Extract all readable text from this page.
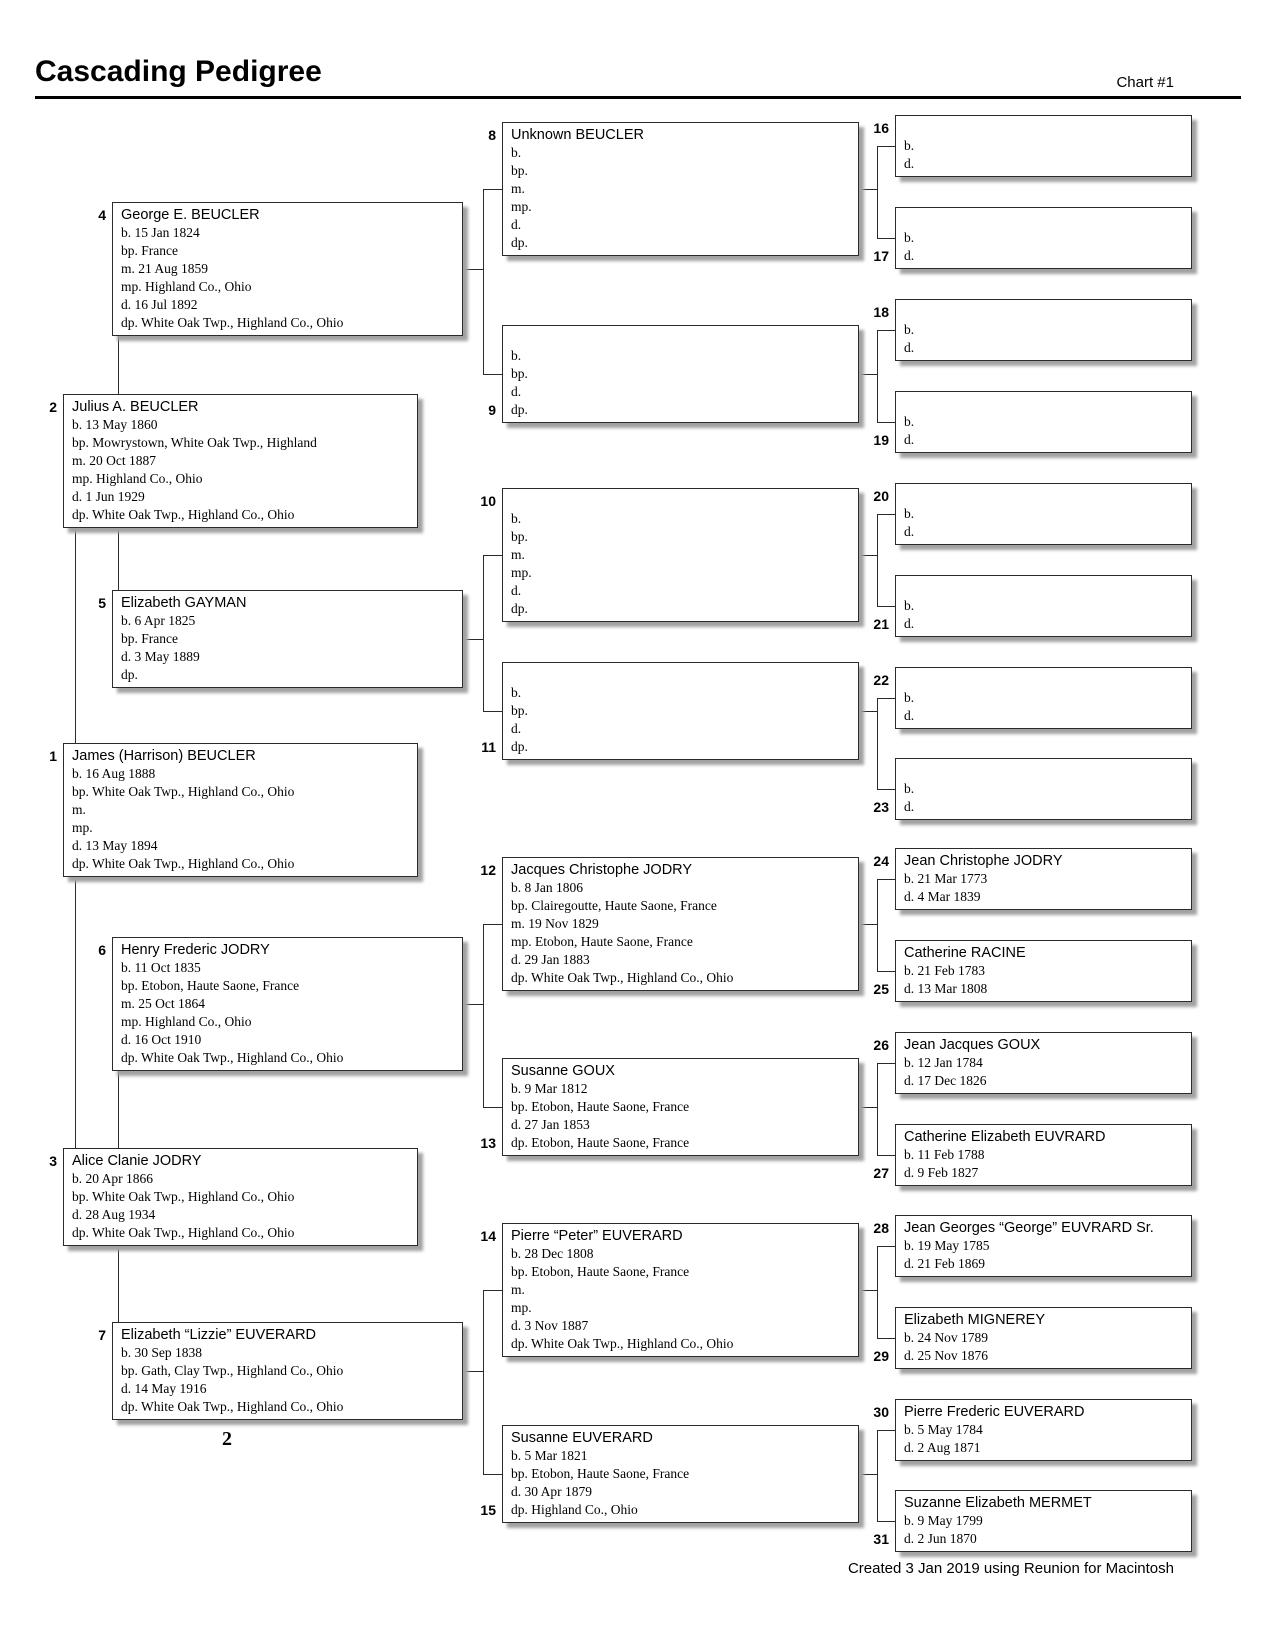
Cascading Pedigree	Chart #1
James (Harrison) BEUCLER
b. 16 Aug 1888
bp. White Oak Twp., Highland Co., Ohio
m.
mp.
d. 13 May 1894
dp. White Oak Twp., Highland Co., Ohio
1
Julius A. BEUCLER
b. 13 May 1860
bp. Mowrystown, White Oak Twp., Highland
m. 20 Oct 1887
mp. Highland Co., Ohio
d. 1 Jun 1929
dp. White Oak Twp., Highland Co., Ohio
2
Alice Clanie JODRY
b. 20 Apr 1866
bp. White Oak Twp., Highland Co., Ohio
d. 28 Aug 1934
dp. White Oak Twp., Highland Co., Ohio
3
George E. BEUCLER
b. 15 Jan 1824
bp. France
m. 21 Aug 1859
mp. Highland Co., Ohio
d. 16 Jul 1892
dp. White Oak Twp., Highland Co., Ohio
4
Elizabeth GAYMAN
b. 6 Apr 1825
bp. France
d. 3 May 1889
dp.
5
Henry Frederic JODRY
b. 11 Oct 1835
bp. Etobon, Haute Saone, France
m. 25 Oct 1864
mp. Highland Co., Ohio
d. 16 Oct 1910
dp. White Oak Twp., Highland Co., Ohio
6
Elizabeth “Lizzie” EUVERARD
b. 30 Sep 1838
bp. Gath, Clay Twp., Highland Co., Ohio
d. 14 May 1916
dp. White Oak Twp., Highland Co., Ohio
7
Unknown BEUCLER
b.
bp.
m.
mp.
d.
dp.
8
b.
bp.
d.
dp.
9
b.
bp.
m.
mp.
d.
dp.
10
b.
bp.
d.
dp.
11
Jacques Christophe JODRY
b. 8 Jan 1806
bp. Clairegoutte, Haute Saone, France
m. 19 Nov 1829
mp. Etobon, Haute Saone, France
d. 29 Jan 1883
dp. White Oak Twp., Highland Co., Ohio
12
Susanne GOUX
b. 9 Mar 1812
bp. Etobon, Haute Saone, France
d. 27 Jan 1853
dp. Etobon, Haute Saone, France
13
Pierre “Peter” EUVERARD
b. 28 Dec 1808
bp. Etobon, Haute Saone, France
m.
mp.
d. 3 Nov 1887
dp. White Oak Twp., Highland Co., Ohio
14
Susanne EUVERARD
b. 5 Mar 1821
bp. Etobon, Haute Saone, France
d. 30 Apr 1879
dp. Highland Co., Ohio
15
b.
d.
16
b.
d.
17
b.
d.
18
b.
d.
19
b.
d.
20
b.
d.
21
b.
d.
22
b.
d.
23
Jean Christophe JODRY
b. 21 Mar 1773
d. 4 Mar 1839
24
Catherine RACINE
b. 21 Feb 1783
d. 13 Mar 1808
25
Jean Jacques GOUX
b. 12 Jan 1784
d. 17 Dec 1826
26
Catherine Elizabeth EUVRARD
b. 11 Feb 1788
d. 9 Feb 1827
27
Jean Georges “George” EUVRARD Sr.
b. 19 May 1785
d. 21 Feb 1869
28
Elizabeth MIGNEREY
b. 24 Nov 1789
d. 25 Nov 1876
29
Pierre Frederic EUVERARD
b. 5 May 1784
d. 2 Aug 1871
30
Suzanne Elizabeth MERMET
b. 9 May 1799
d. 2 Jun 1870
31
2
Created 3 Jan 2019 using Reunion for Macintosh
